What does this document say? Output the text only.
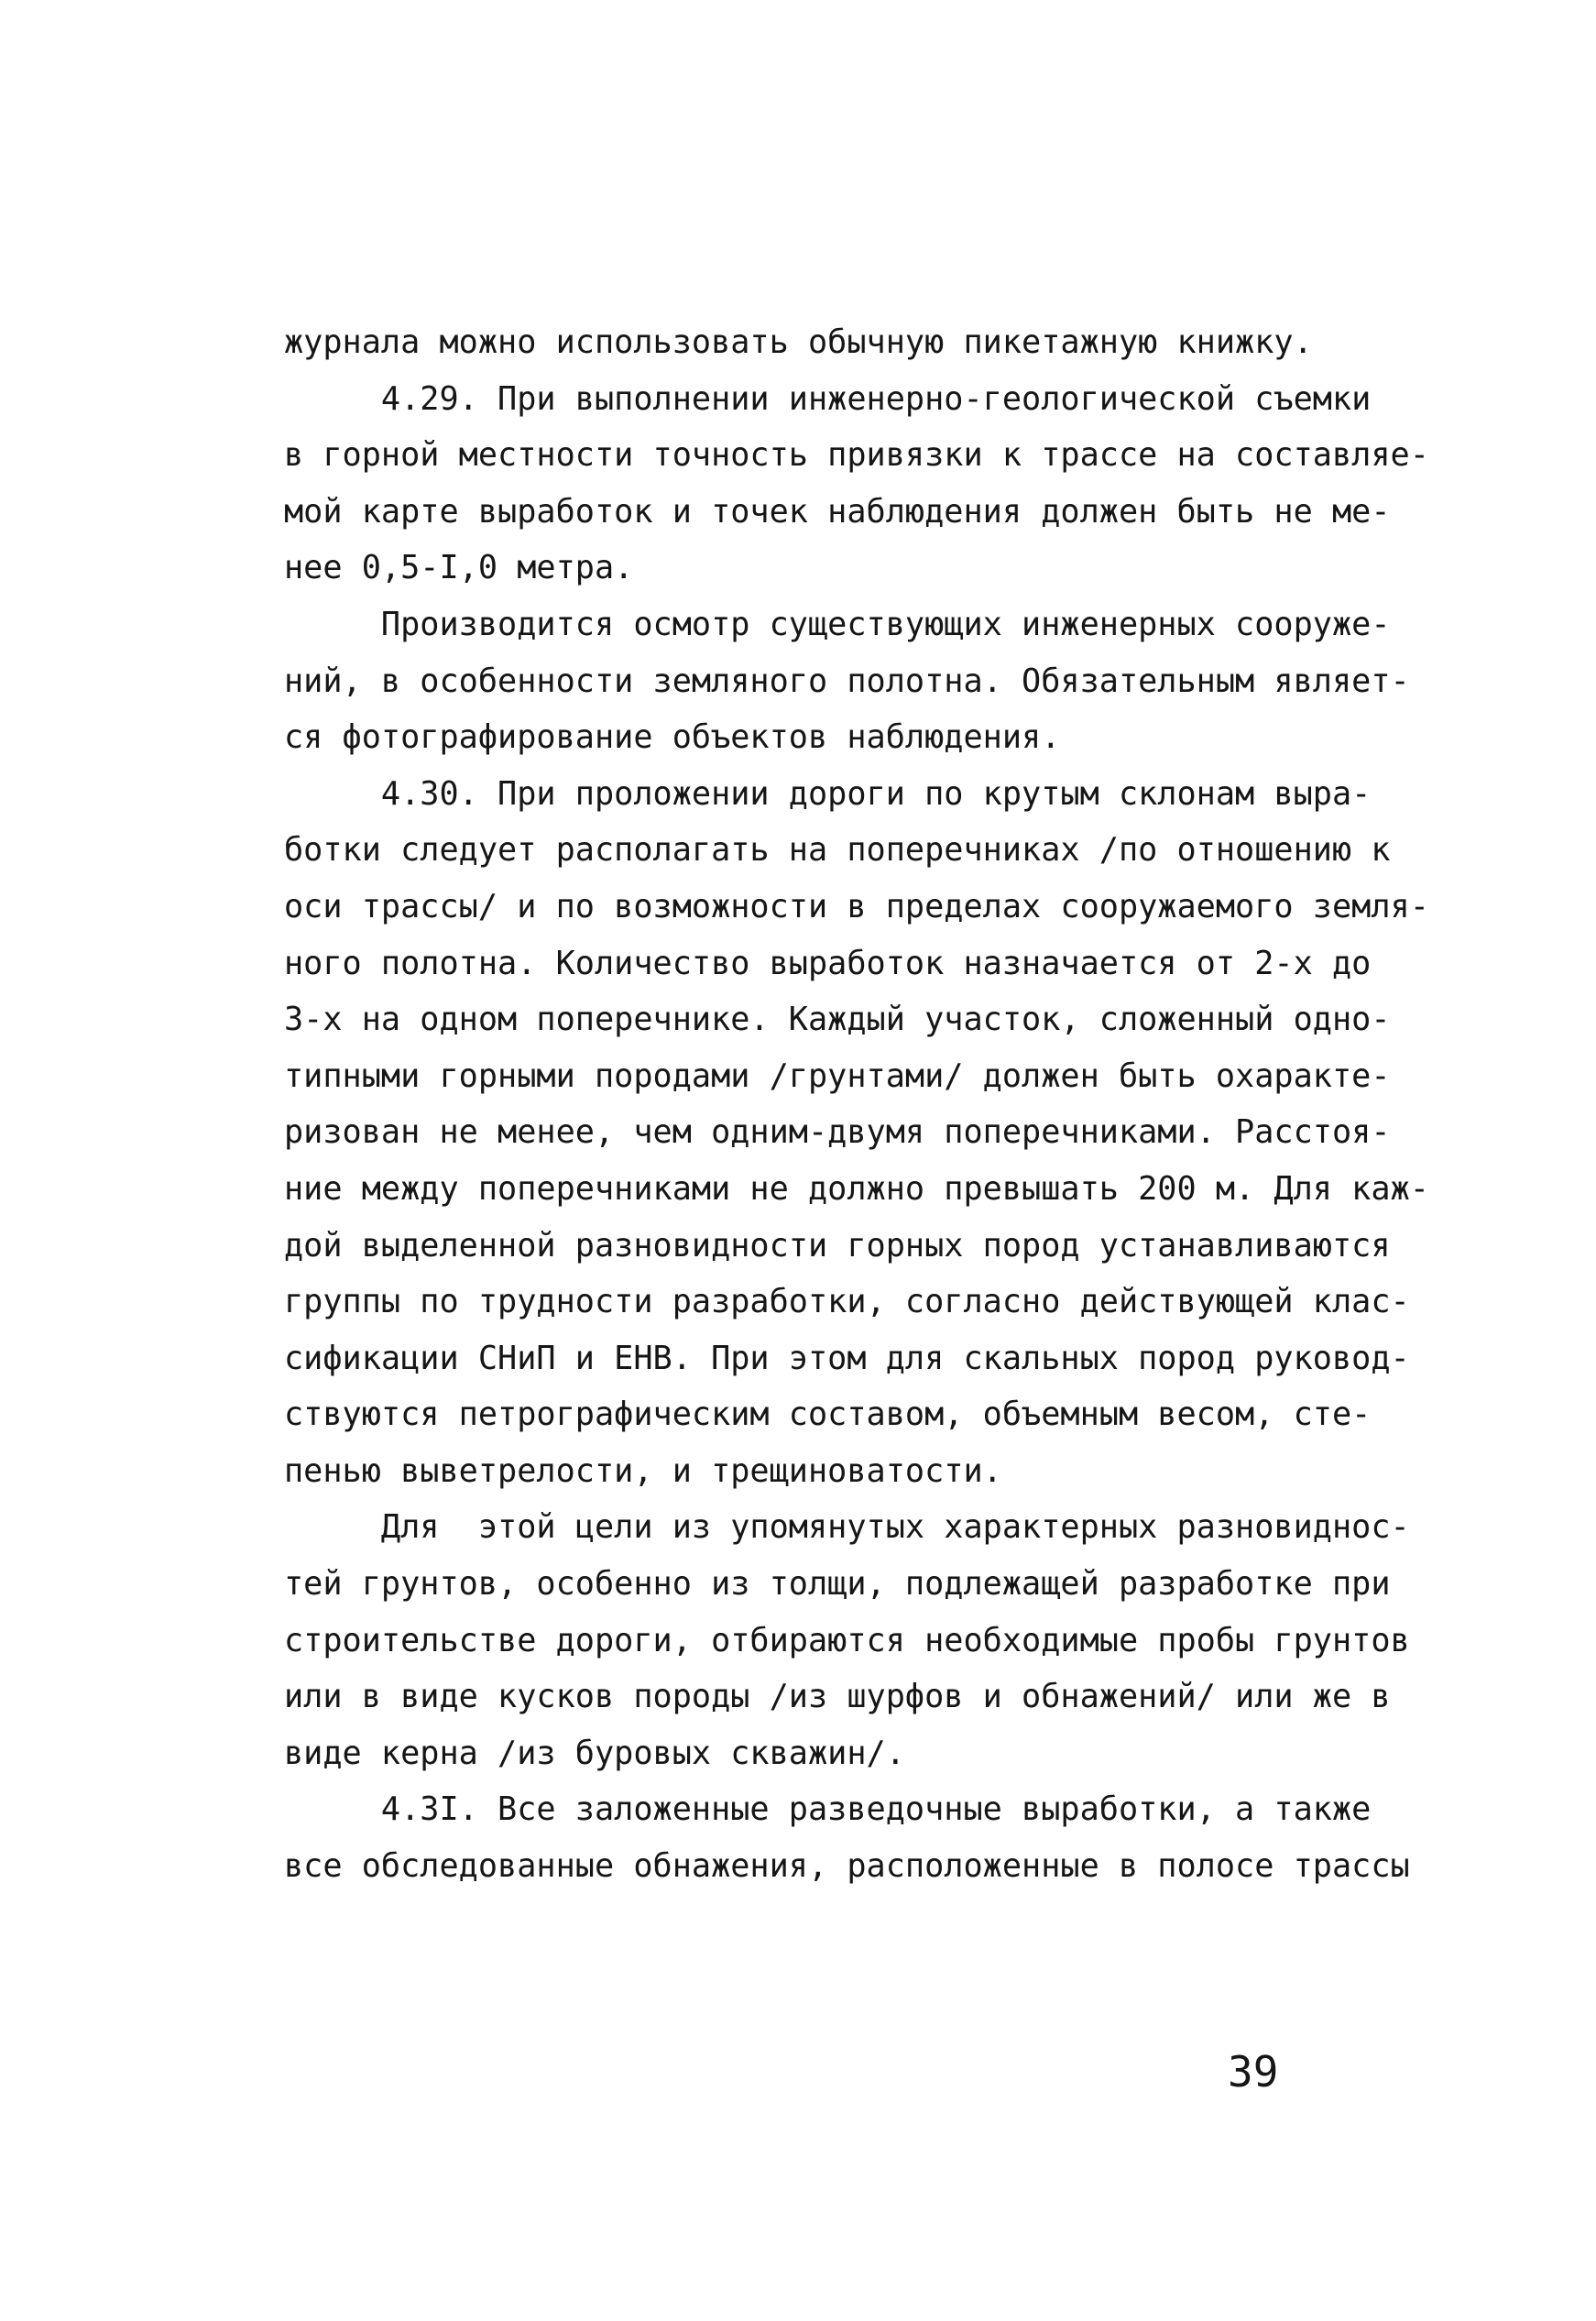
журнала можно использовать обычную пикетажную книжку.
4.29. При выполнении инженерно-геологической съемки
в горной местности точность привязки к трассе на составляе-
мой карте выработок и точек наблюдения должен быть не ме-
нее 0,5-I,0 метра.
Производится осмотр существующих инженерных сооруже-
ний, в особенности земляного полотна. Обязательным являет-
ся фотографирование объектов наблюдения.
4.30. При проложении дороги по крутым склонам выра-
ботки следует располагать на поперечниках /по отношению к
оси трассы/ и по возможности в пределах сооружаемого земля-
ного полотна. Количество выработок назначается от 2-х до
3-х на одном поперечнике. Каждый участок, сложенный одно-
типными горными породами /грунтами/ должен быть охаракте-
ризован не менее, чем одним-двумя поперечниками. Расстоя-
ние между поперечниками не должно превышать 200 м. Для каж-
дой выделенной разновидности горных пород устанавливаются
группы по трудности разработки, согласно действующей клас-
сификации СНиП и ЕНВ. При этом для скальных пород руковод-
ствуются петрографическим составом, объемным весом, сте-
пенью выветрелости, и трещиноватости.
Для  этой цели из упомянутых характерных разновиднос-
тей грунтов, особенно из толщи, подлежащей разработке при
строительстве дороги, отбираются необходимые пробы грунтов
или в виде кусков породы /из шурфов и обнажений/ или же в
виде керна /из буровых скважин/.
4.3I. Все заложенные разведочные выработки, а также
все обследованные обнажения, расположенные в полосе трассы
39
